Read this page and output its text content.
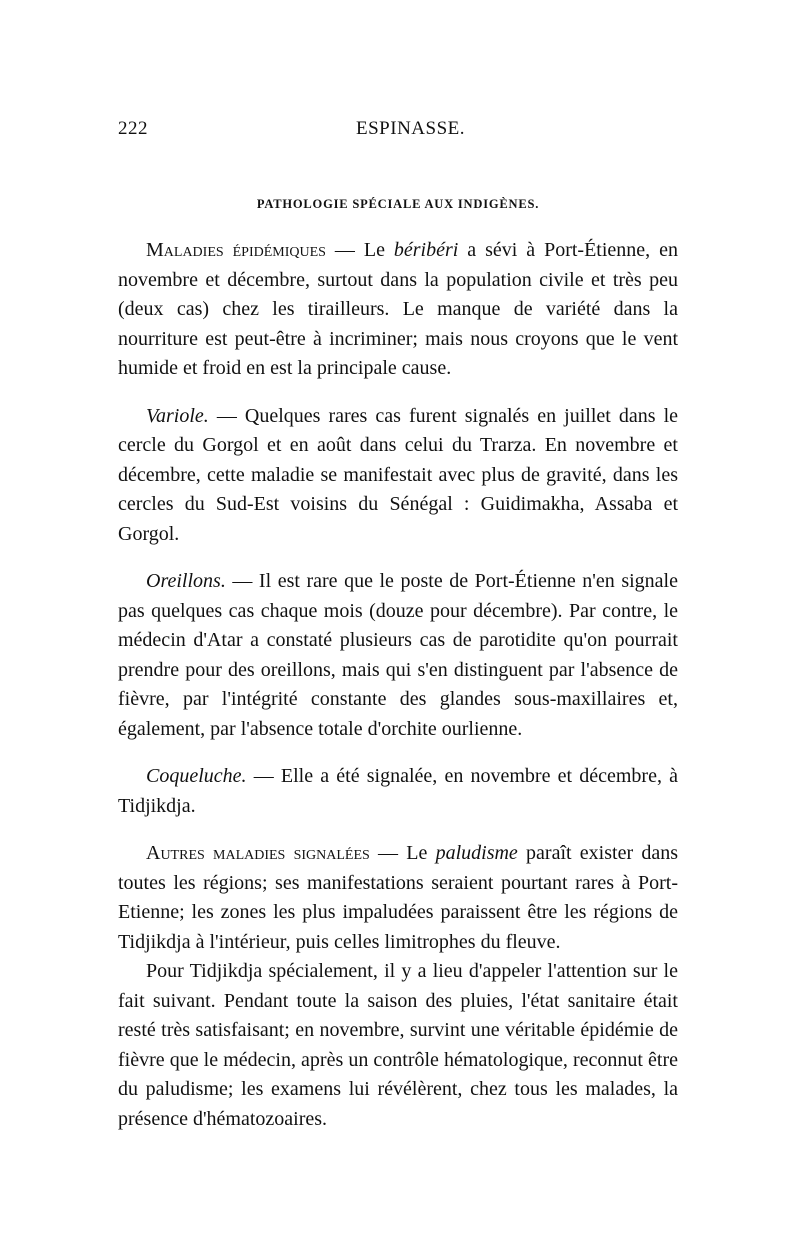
222	ESPINASSE.
PATHOLOGIE SPÉCIALE AUX INDIGÈNES.

Maladies épidémiques — Le béribéri a sévi à Port-Étienne, en novembre et décembre, surtout dans la population civile et très peu (deux cas) chez les tirailleurs. Le manque de variété dans la nourriture est peut-être à incriminer; mais nous croyons que le vent humide et froid en est la principale cause.

Variole. — Quelques rares cas furent signalés en juillet dans le cercle du Gorgol et en août dans celui du Trarza. En novembre et décembre, cette maladie se manifestait avec plus de gravité, dans les cercles du Sud-Est voisins du Sénégal : Guidimakha, Assaba et Gorgol.

Oreillons. — Il est rare que le poste de Port-Étienne n'en signale pas quelques cas chaque mois (douze pour décembre). Par contre, le médecin d'Atar a constaté plusieurs cas de parotidite qu'on pourrait prendre pour des oreillons, mais qui s'en distinguent par l'absence de fièvre, par l'intégrité constante des glandes sous-maxillaires et, également, par l'absence totale d'orchite ourlienne.

Coqueluche. — Elle a été signalée, en novembre et décembre, à Tidjikdja.

Autres maladies signalées — Le paludisme paraît exister dans toutes les régions; ses manifestations seraient pourtant rares à Port-Etienne; les zones les plus impaludées paraissent être les régions de Tidjikdja à l'intérieur, puis celles limitrophes du fleuve.

Pour Tidjikdja spécialement, il y a lieu d'appeler l'attention sur le fait suivant. Pendant toute la saison des pluies, l'état sanitaire était resté très satisfaisant; en novembre, survint une véritable épidémie de fièvre que le médecin, après un contrôle hématologique, reconnut être du paludisme; les examens lui révélèrent, chez tous les malades, la présence d'hématozoaires.
